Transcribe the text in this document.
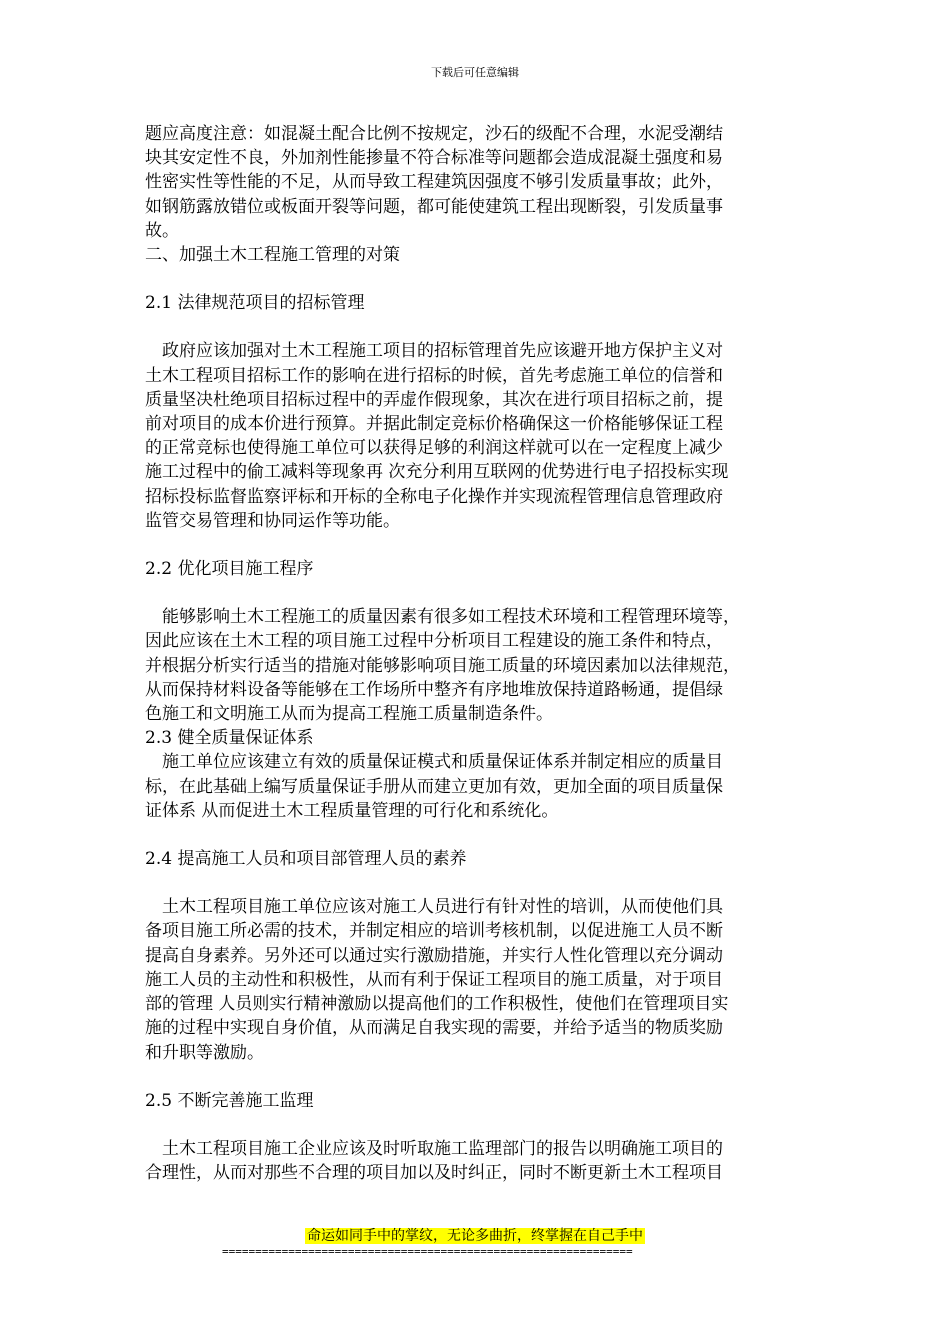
下载后可任意编辑

题应高度注意：如混凝土配合比例不按规定，沙石的级配不合理，水泥受潮结

块其安定性不良，外加剂性能掺量不符合标准等问题都会造成混凝土强度和易

性密实性等性能的不足，从而导致工程建筑因强度不够引发质量事故；此外，

如钢筋露放错位或板面开裂等问题，都可能使建筑工程出现断裂，引发质量事

故。

二、加强土木工程施工管理的对策

2.1 法律规范项目的招标管理

　政府应该加强对土木工程施工项目的招标管理首先应该避开地方保护主义对

土木工程项目招标工作的影响在进行招标的时候，首先考虑施工单位的信誉和

质量坚决杜绝项目招标过程中的弄虚作假现象，其次在进行项目招标之前，提

前对项目的成本价进行预算。并据此制定竞标价格确保这一价格能够保证工程

的正常竞标也使得施工单位可以获得足够的利润这样就可以在一定程度上减少

施工过程中的偷工减料等现象再 次充分利用互联网的优势进行电子招投标实现

招标投标监督监察评标和开标的全称电子化操作并实现流程管理信息管理政府

监管交易管理和协同运作等功能。

2.2 优化项目施工程序

　能够影响土木工程施工的质量因素有很多如工程技术环境和工程管理环境等，

因此应该在土木工程的项目施工过程中分析项目工程建设的施工条件和特点，

并根据分析实行适当的措施对能够影响项目施工质量的环境因素加以法律规范，

从而保持材料设备等能够在工作场所中整齐有序地堆放保持道路畅通，提倡绿

色施工和文明施工从而为提高工程施工质量制造条件。

2.3 健全质量保证体系

　施工单位应该建立有效的质量保证模式和质量保证体系并制定相应的质量目

标，在此基础上编写质量保证手册从而建立更加有效，更加全面的项目质量保

证体系 从而促进土木工程质量管理的可行化和系统化。

2.4 提高施工人员和项目部管理人员的素养

　土木工程项目施工单位应该对施工人员进行有针对性的培训，从而使他们具

备项目施工所必需的技术，并制定相应的培训考核机制，以促进施工人员不断

提高自身素养。另外还可以通过实行激励措施，并实行人性化管理以充分调动

施工人员的主动性和积极性，从而有利于保证工程项目的施工质量，对于项目

部的管理 人员则实行精神激励以提高他们的工作积极性，使他们在管理项目实

施的过程中实现自身价值，从而满足自我实现的需要，并给予适当的物质奖励

和升职等激励。

2.5 不断完善施工监理

　土木工程项目施工企业应该及时听取施工监理部门的报告以明确施工项目的

合理性，从而对那些不合理的项目加以及时纠正，同时不断更新土木工程项目

命运如同手中的掌纹，无论多曲折，终掌握在自己手中
==============================================================
